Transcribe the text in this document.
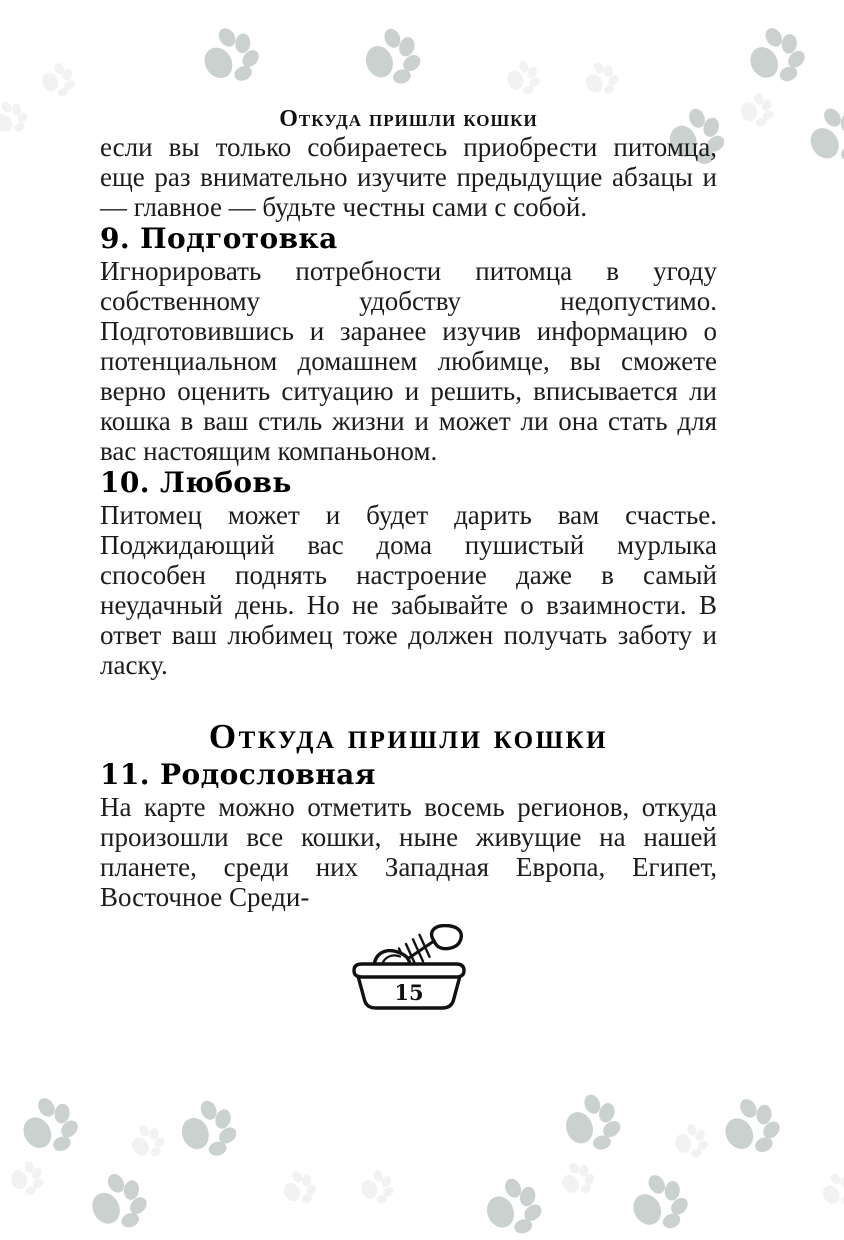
Откуда пришли кошки

если вы только собираетесь приобрести питомца, еще раз внимательно изучите предыдущие абзацы и — главное — будьте честны сами с собой.

9. Подготовка

Игнорировать потребности питомца в угоду собственному удобству недопустимо. Подготовившись и заранее изучив информацию о потенциальном домашнем любимце, вы сможете верно оценить ситуацию и решить, вписывается ли кошка в ваш стиль жизни и может ли она стать для вас настоящим компаньоном.

10. Любовь

Питомец может и будет дарить вам счастье. Поджидающий вас дома пушистый мурлыка способен поднять настроение даже в самый неудачный день. Но не забывайте о взаимности. В ответ ваш любимец тоже должен получать заботу и ласку.

Откуда пришли кошки
11. Родословная

На карте можно отметить восемь регионов, откуда произошли все кошки, ныне живущие на нашей планете, среди них Западная Европа, Египет, Восточное Среди-

15
